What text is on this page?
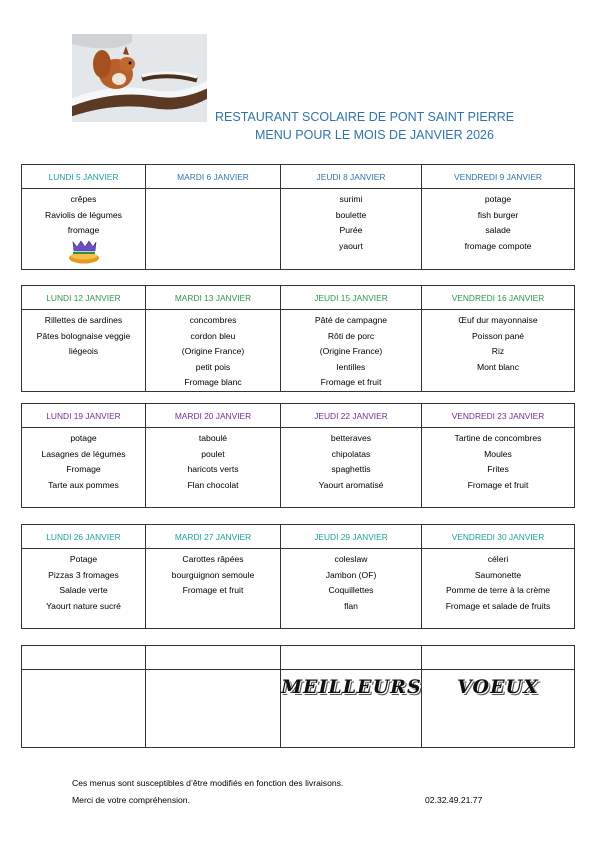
RESTAURANT SCOLAIRE DE PONT SAINT PIERRE
MENU POUR LE MOIS DE JANVIER 2026
LUNDI 5 JANVIER	MARDI 6 JANVIER	JEUDI 8 JANVIER	VENDREDI 9 JANVIER

crêpes
Raviolis de légumes
fromage		surimi
boulette
Purée
yaourt	potage
fish burger
salade
fromage compote
LUNDI 12 JANVIER	MARDI 13 JANVIER	JEUDI 15 JANVIER	VENDREDI 16 JANVIER

Rillettes de sardines
Pâtes bolognaise veggie
liégeois	concombres
cordon bleu
(Origine France)
petit pois
Fromage blanc	Pâté de campagne
Rôti de porc
(Origine France)
lentilles
Fromage et fruit	Œuf dur mayonnaise
Poisson pané
Riz
Mont blanc
LUNDI 19 JANVIER	MARDI 20 JANVIER	JEUDI 22 JANVIER	VENDREDI 23 JANVIER

potage
Lasagnes de légumes
Fromage
Tarte aux pommes	taboulé
poulet
haricots verts
Flan chocolat	betteraves
chipolatas
spaghettis
Yaourt aromatisé	Tartine de concombres
Moules
Frites
Fromage et fruit
LUNDI 26 JANVIER	MARDI 27 JANVIER	JEUDI 29 JANVIER	VENDREDI 30 JANVIER

Potage
Pizzas 3 fromages
Salade verte
Yaourt nature sucré	Carottes râpées
bourguignon semoule
Fromage et fruit	coleslaw
Jambon (OF)
Coquillettes
flan	céleri
Saumonette
Pomme de terre à la crème
Fromage et salade de fruits

		MEILLEURS	VOEUX
Ces menus sont susceptibles d’être modifiés en fonction des livraisons.
Merci de votre compréhension.	02.32.49.21.77
